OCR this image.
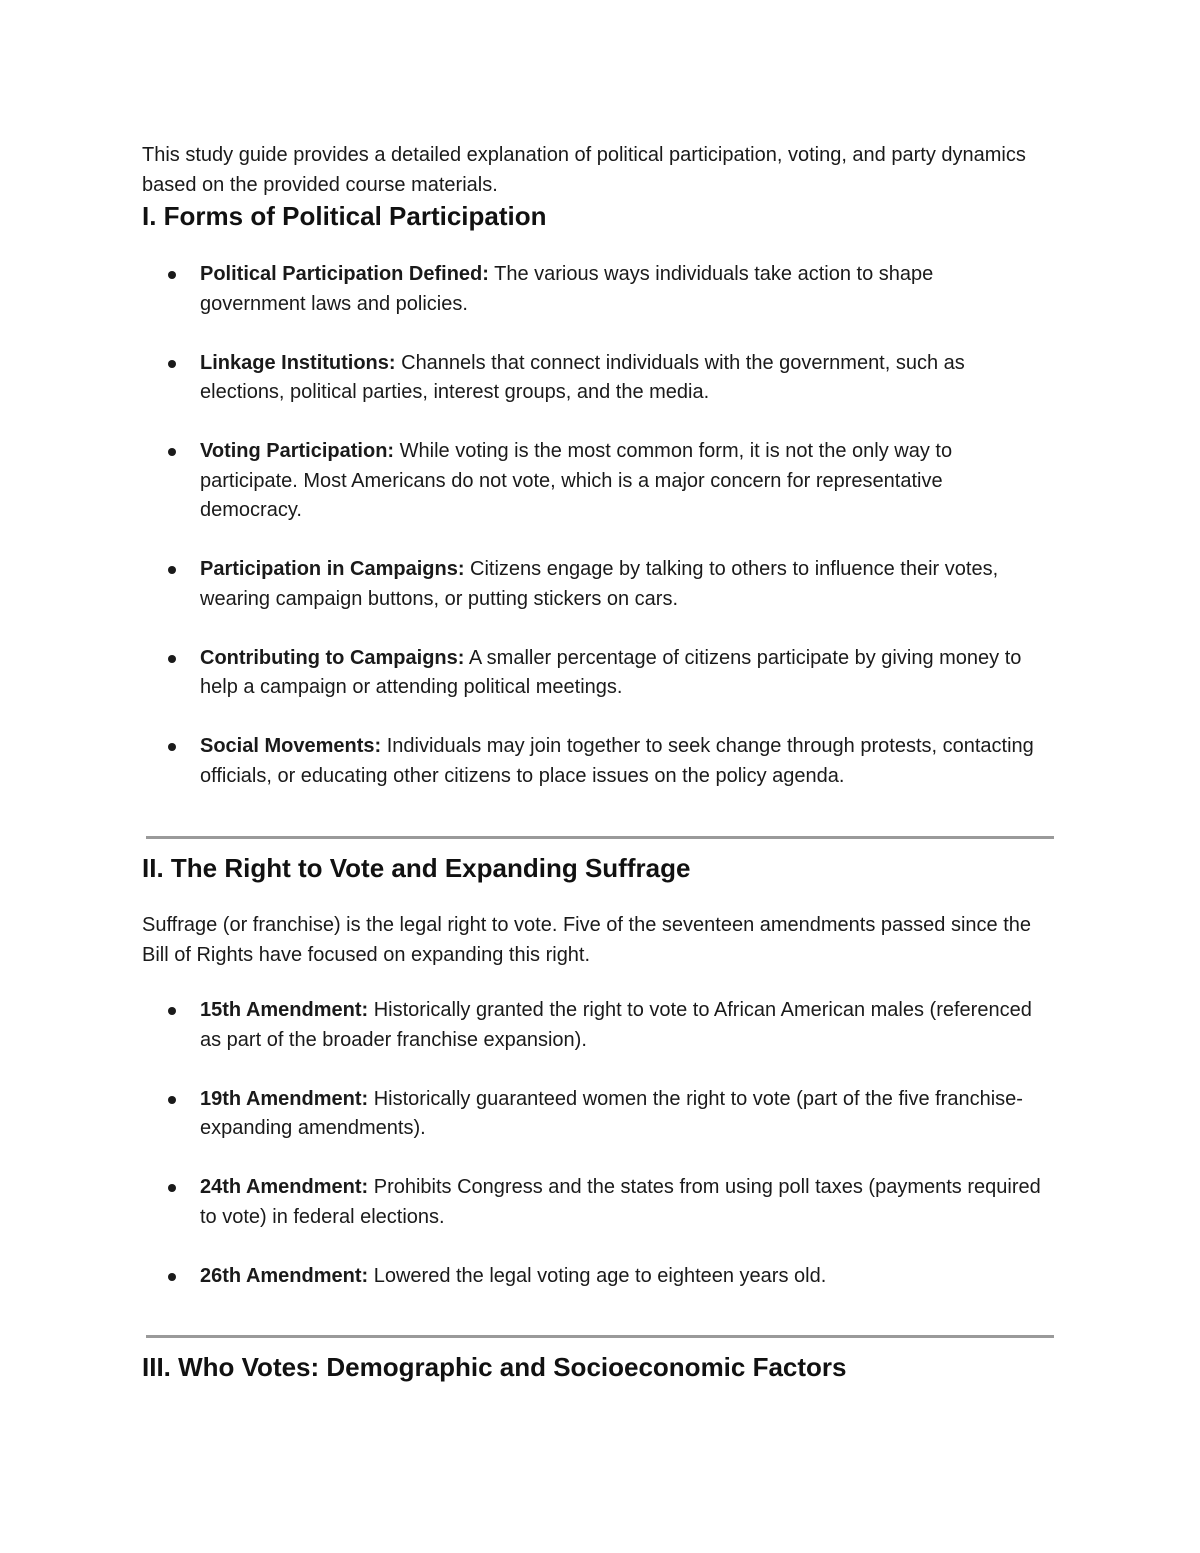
This study guide provides a detailed explanation of political participation, voting, and party dynamics based on the provided course materials.

I. Forms of Political Participation
Political Participation Defined: The various ways individuals take action to shape government laws and policies.
Linkage Institutions: Channels that connect individuals with the government, such as elections, political parties, interest groups, and the media.
Voting Participation: While voting is the most common form, it is not the only way to participate. Most Americans do not vote, which is a major concern for representative democracy.
Participation in Campaigns: Citizens engage by talking to others to influence their votes, wearing campaign buttons, or putting stickers on cars.
Contributing to Campaigns: A smaller percentage of citizens participate by giving money to help a campaign or attending political meetings.
Social Movements: Individuals may join together to seek change through protests, contacting officials, or educating other citizens to place issues on the policy agenda.
II. The Right to Vote and Expanding Suffrage

Suffrage (or franchise) is the legal right to vote. Five of the seventeen amendments passed since the Bill of Rights have focused on expanding this right.

15th Amendment: Historically granted the right to vote to African American males (referenced as part of the broader franchise expansion).
19th Amendment: Historically guaranteed women the right to vote (part of the five franchise-expanding amendments).
24th Amendment: Prohibits Congress and the states from using poll taxes (payments required to vote) in federal elections.
26th Amendment: Lowered the legal voting age to eighteen years old.
III. Who Votes: Demographic and Socioeconomic Factors
